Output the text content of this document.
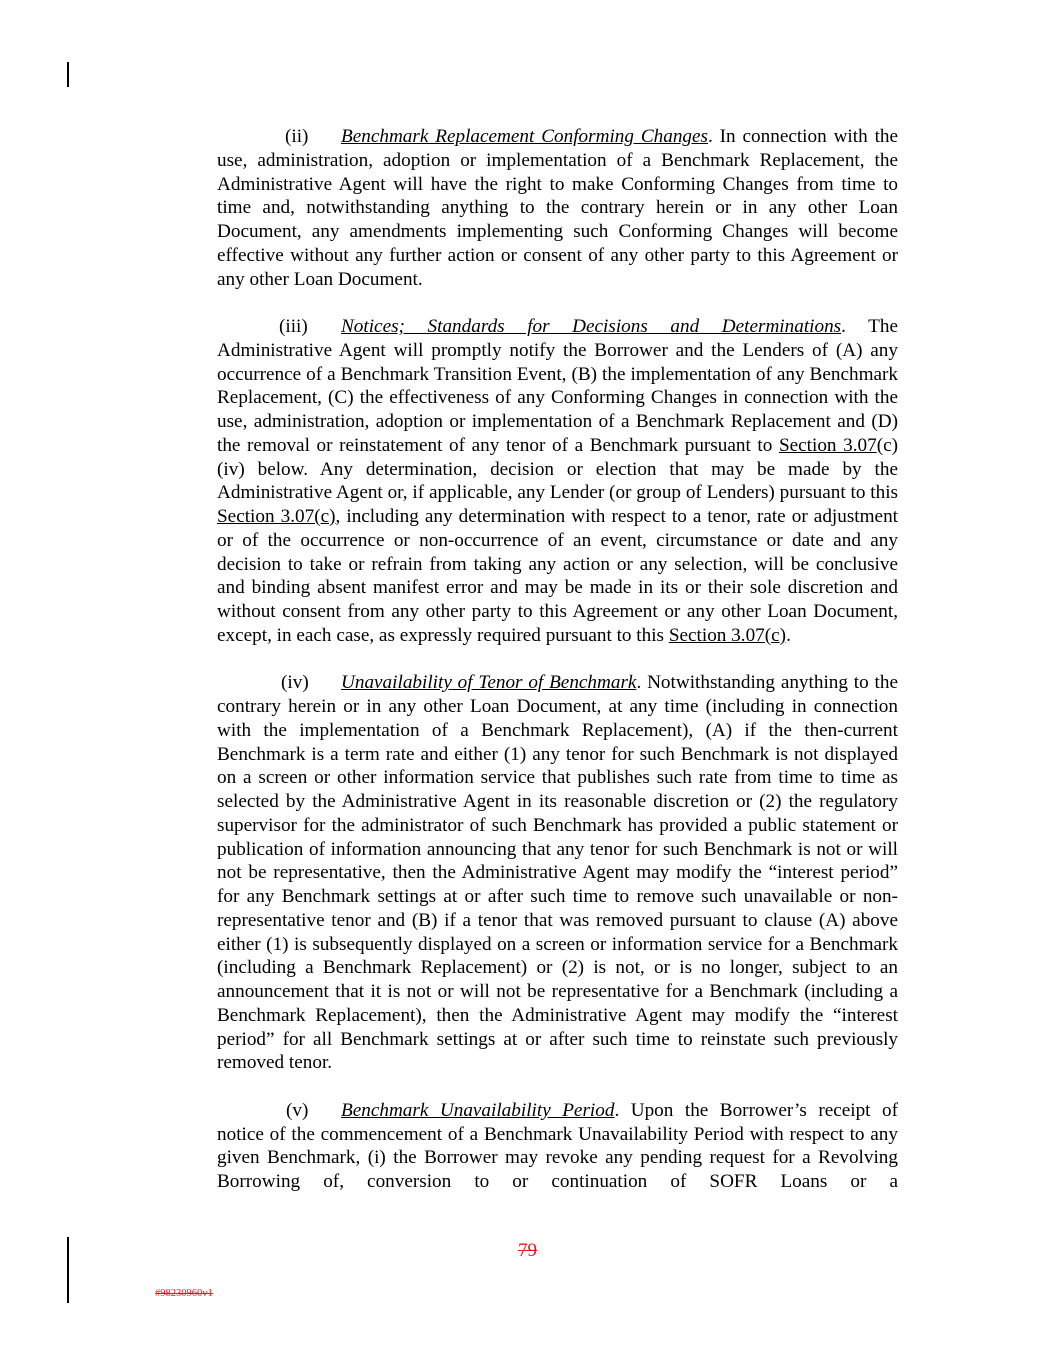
(ii) Benchmark Replacement Conforming Changes. In connection with the use, administration, adoption or implementation of a Benchmark Replacement, the Administrative Agent will have the right to make Conforming Changes from time to time and, notwithstanding anything to the contrary herein or in any other Loan Document, any amendments implementing such Conforming Changes will become effective without any further action or consent of any other party to this Agreement or any other Loan Document.

(iii) Notices; Standards for Decisions and Determinations. The Administrative Agent will promptly notify the Borrower and the Lenders of (A) any occurrence of a Benchmark Transition Event, (B) the implementation of any Benchmark Replacement, (C) the effectiveness of any Conforming Changes in connection with the use, administration, adoption or implementation of a Benchmark Replacement and (D) the removal or reinstatement of any tenor of a Benchmark pursuant to Section 3.07(c)(iv) below. Any determination, decision or election that may be made by the Administrative Agent or, if applicable, any Lender (or group of Lenders) pursuant to this Section 3.07(c), including any determination with respect to a tenor, rate or adjustment or of the occurrence or non-occurrence of an event, circumstance or date and any decision to take or refrain from taking any action or any selection, will be conclusive and binding absent manifest error and may be made in its or their sole discretion and without consent from any other party to this Agreement or any other Loan Document, except, in each case, as expressly required pursuant to this Section 3.07(c).

(iv) Unavailability of Tenor of Benchmark. Notwithstanding anything to the contrary herein or in any other Loan Document, at any time (including in connection with the implementation of a Benchmark Replacement), (A) if the then-current Benchmark is a term rate and either (1) any tenor for such Benchmark is not displayed on a screen or other information service that publishes such rate from time to time as selected by the Administrative Agent in its reasonable discretion or (2) the regulatory supervisor for the administrator of such Benchmark has provided a public statement or publication of information announcing that any tenor for such Benchmark is not or will not be representative, then the Administrative Agent may modify the “interest period” for any Benchmark settings at or after such time to remove such unavailable or non-representative tenor and (B) if a tenor that was removed pursuant to clause (A) above either (1) is subsequently displayed on a screen or information service for a Benchmark (including a Benchmark Replacement) or (2) is not, or is no longer, subject to an announcement that it is not or will not be representative for a Benchmark (including a Benchmark Replacement), then the Administrative Agent may modify the “interest period” for all Benchmark settings at or after such time to reinstate such previously removed tenor.

(v) Benchmark Unavailability Period. Upon the Borrower’s receipt of notice of the commencement of a Benchmark Unavailability Period with respect to any given Benchmark, (i) the Borrower may revoke any pending request for a Revolving Borrowing of, conversion to or continuation of SOFR Loans or a

79
#98230960v1
